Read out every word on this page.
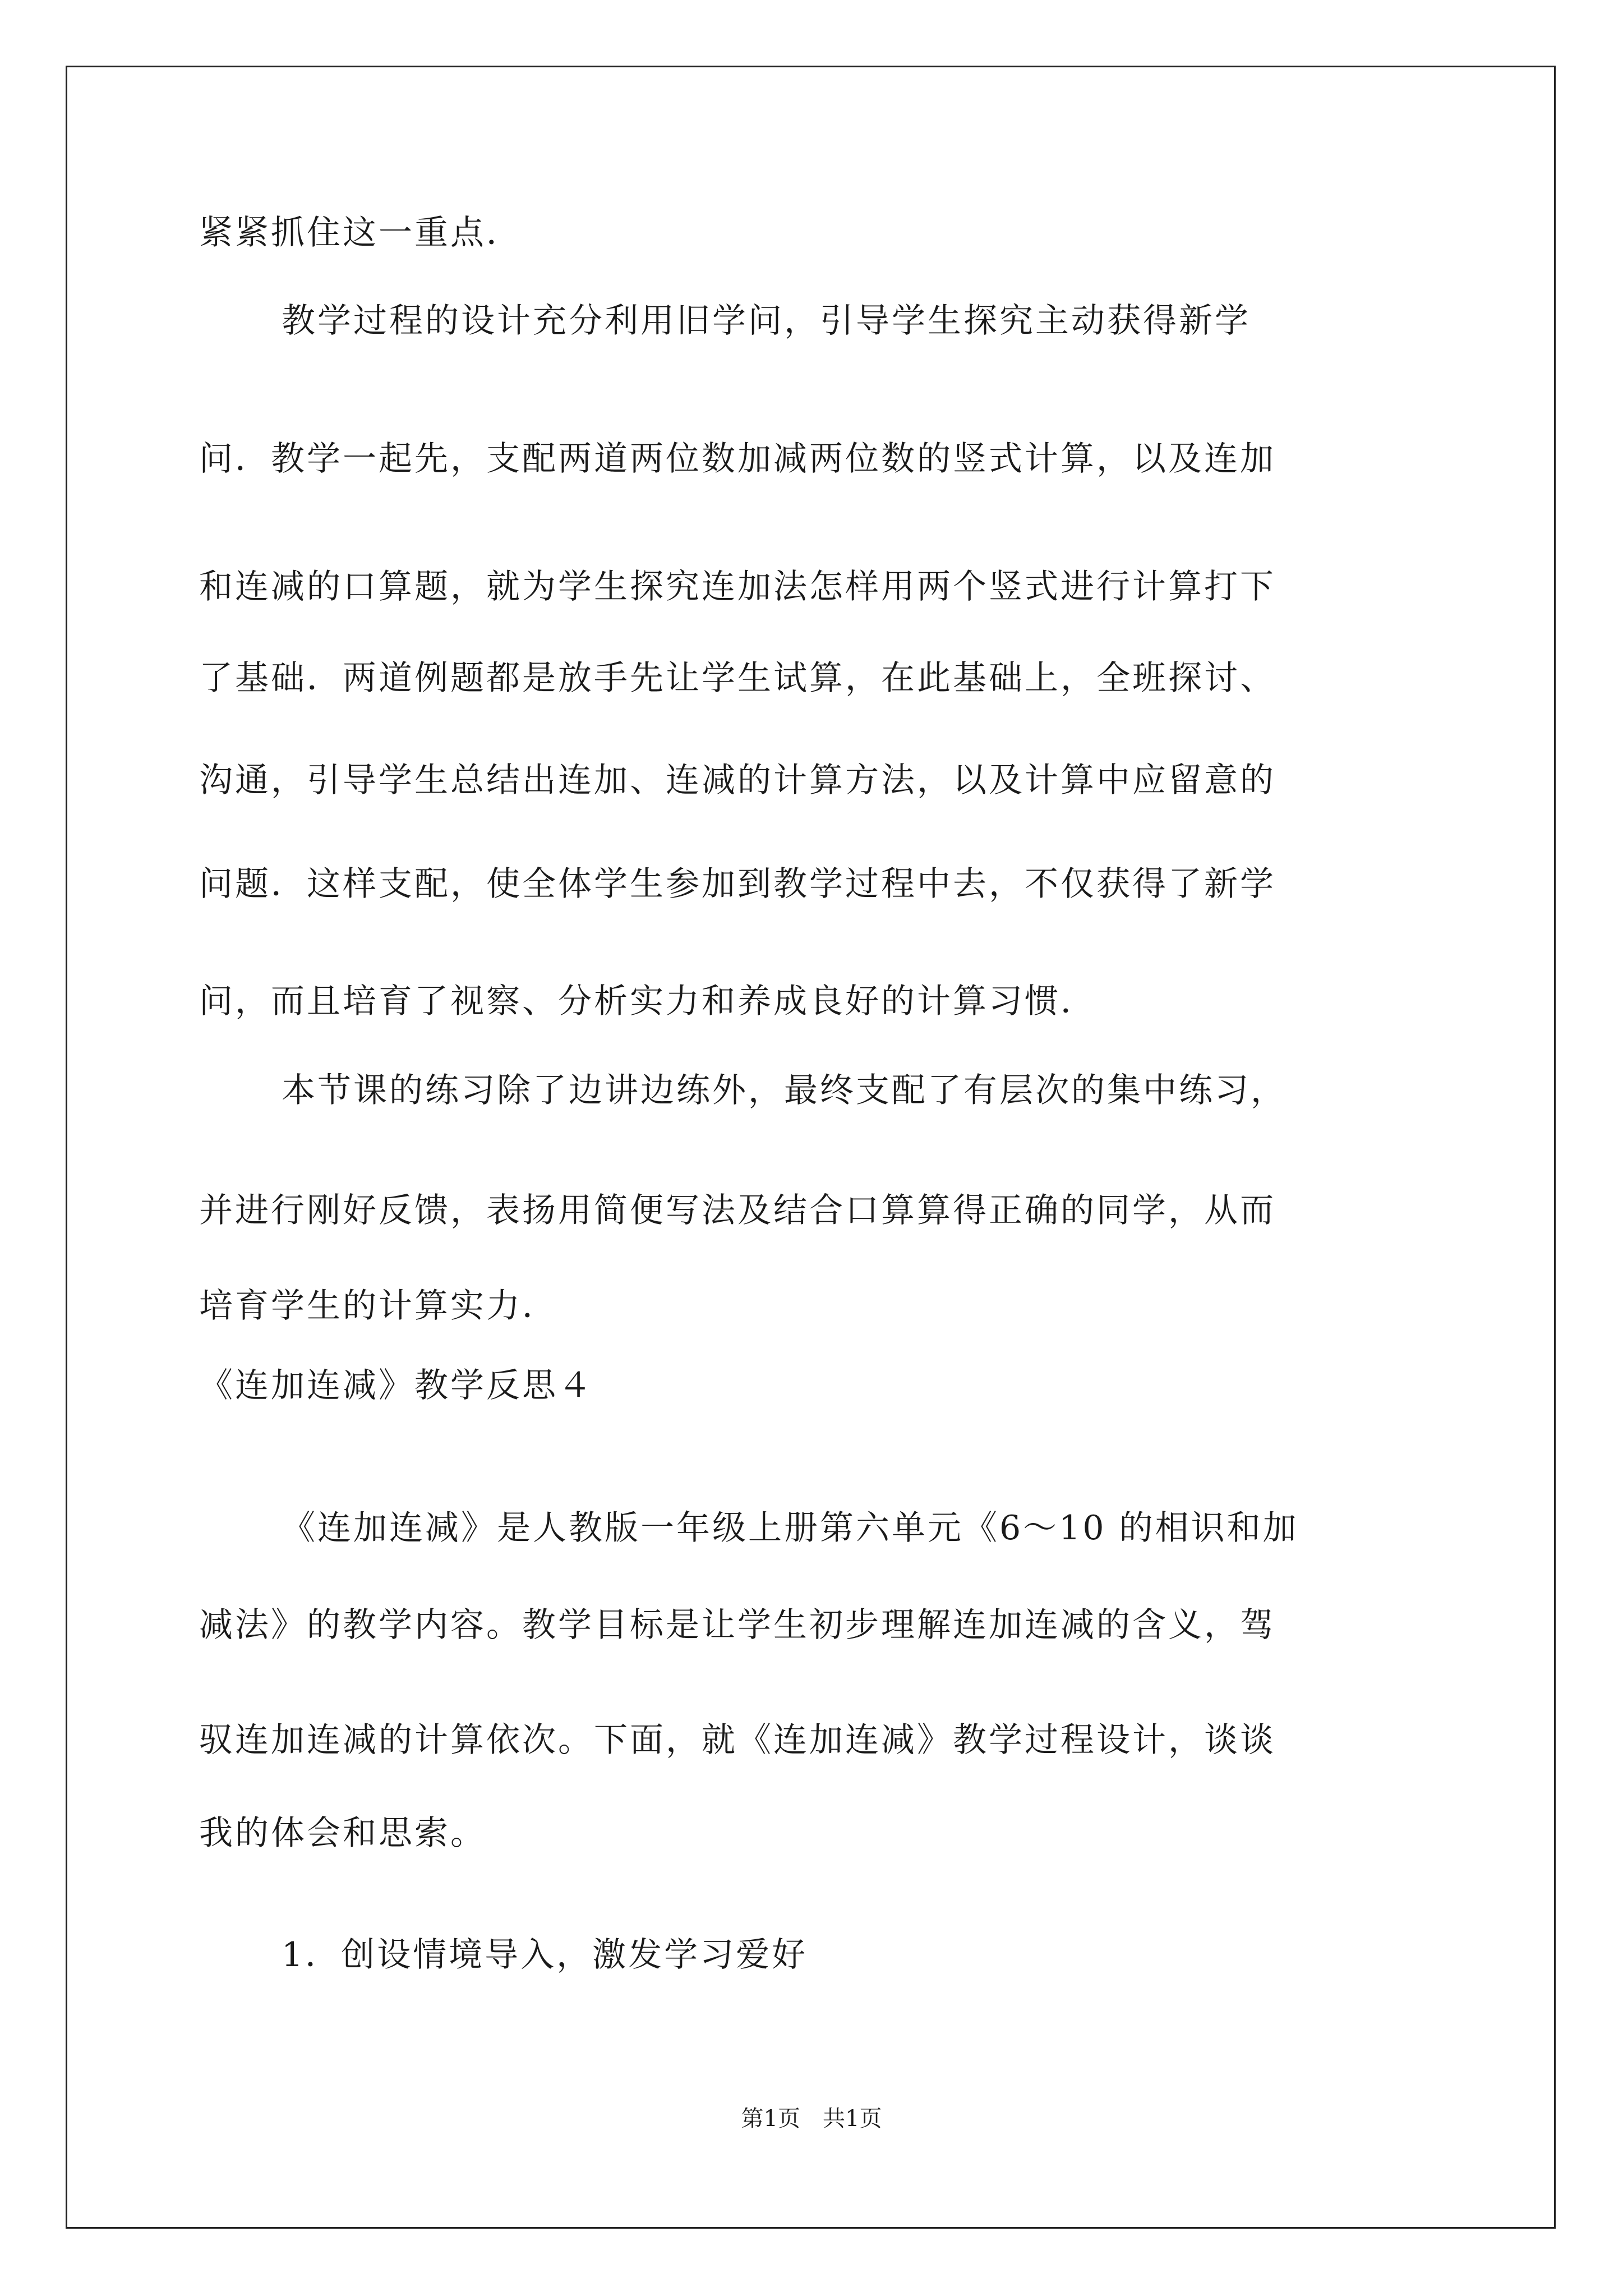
紧紧抓住这一重点．
教学过程的设计充分利用旧学问，引导学生探究主动获得新学
问．教学一起先，支配两道两位数加减两位数的竖式计算，以及连加
和连减的口算题，就为学生探究连加法怎样用两个竖式进行计算打下
了基础．两道例题都是放手先让学生试算，在此基础上，全班探讨、
沟通，引导学生总结出连加、连减的计算方法，以及计算中应留意的
问题．这样支配，使全体学生参加到教学过程中去，不仅获得了新学
问，而且培育了视察、分析实力和养成良好的计算习惯．
本节课的练习除了边讲边练外，最终支配了有层次的集中练习，
并进行刚好反馈，表扬用简便写法及结合口算算得正确的同学，从而
培育学生的计算实力．
《连加连减》教学反思４
《连加连减》是人教版一年级上册第六单元《6～10 的相识和加
减法》的教学内容。教学目标是让学生初步理解连加连减的含义，驾
驭连加连减的计算依次。下面，就《连加连减》教学过程设计，谈谈
我的体会和思索。
1．创设情境导入，激发学习爱好
第1页　共1页
